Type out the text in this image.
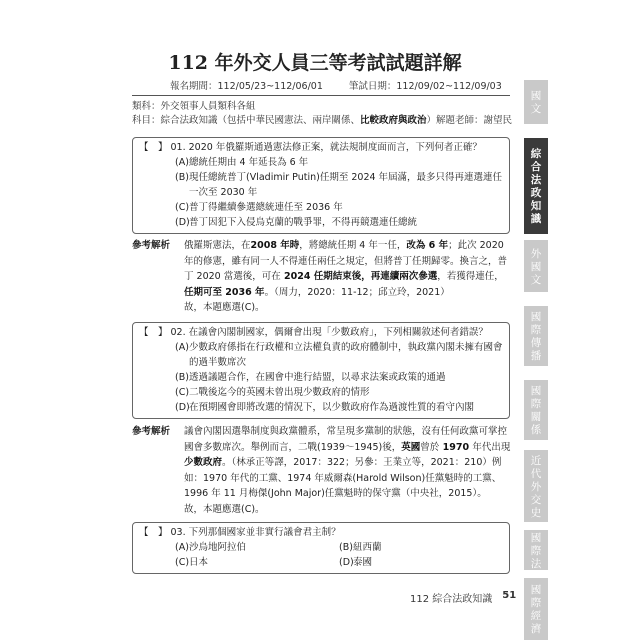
112 年外交人員三等考試試題詳解
報名期間：112/05/23~112/06/01	筆試日期：112/09/02~112/09/03
類科：外交領事人員類科各組
科目：綜合法政知識（包括中華民國憲法、兩岸關係、比較政府與政治）解題老師：謝望民
【　】 01. 2020 年俄羅斯通過憲法修正案，就法規制度面而言，下列何者正確？
(A) 總統任期由 4 年延長為 6 年
(B) 現任總統普丁(Vladimir Putin)任期至 2024 年屆滿，最多只得再連選連任一次至 2030 年
(C) 普丁得繼續參選總統連任至 2036 年
(D) 普丁因犯下入侵烏克蘭的戰爭罪，不得再競選連任總統
參考解析	俄羅斯憲法，在2008 年時，將總統任期 4 年一任，改為 6 年；此次 2020 年的修憲，雖有同一人不得連任兩任之規定，但將普丁任期歸零。換言之，普丁 2020 當選後，可在 2024 任期結束後，再連續兩次參選，若獲得連任，任期可至 2036 年。（周力，2020：11-12；邱立玲，2021）
故，本題應選(C)。
【　】 02. 在議會內閣制國家，偶爾會出現「少數政府」，下列相關敘述何者錯誤？
(A) 少數政府係指在行政權和立法權負責的政府體制中，執政黨內閣未擁有國會的過半數席次
(B) 透過議題合作，在國會中進行結盟，以尋求法案或政策的通過
(C) 二戰後迄今的英國未曾出現少數政府的情形
(D) 在預期國會即將改選的情況下，以少數政府作為過渡性質的看守內閣
參考解析	議會內閣因選舉制度與政黨體系，常呈現多黨制的狀態，沒有任何政黨可掌控國會多數席次。舉例而言，二戰(1939～1945)後，英國曾於 1970 年代出現少數政府。（林承正等譯，2017：322；另參：王業立等，2021：210）例如：1970 年代的工黨、1974 年威爾森(Harold Wilson)任黨魁時的工黨、1996 年 11 月梅傑(John Major)任黨魁時的保守黨（中央社，2015）。
故，本題應選(C)。
【　】 03. 下列那個國家並非實行議會君主制？
(A) 沙烏地阿拉伯	(B) 紐西蘭
(C) 日本	(D) 泰國
國
文
綜
合
法
政
知
識
外
國
文
國
際
傳
播
國
際
關
係
近
代
外
交
史
國
際
法
國
際
經
濟
112 綜合法政知識 51
